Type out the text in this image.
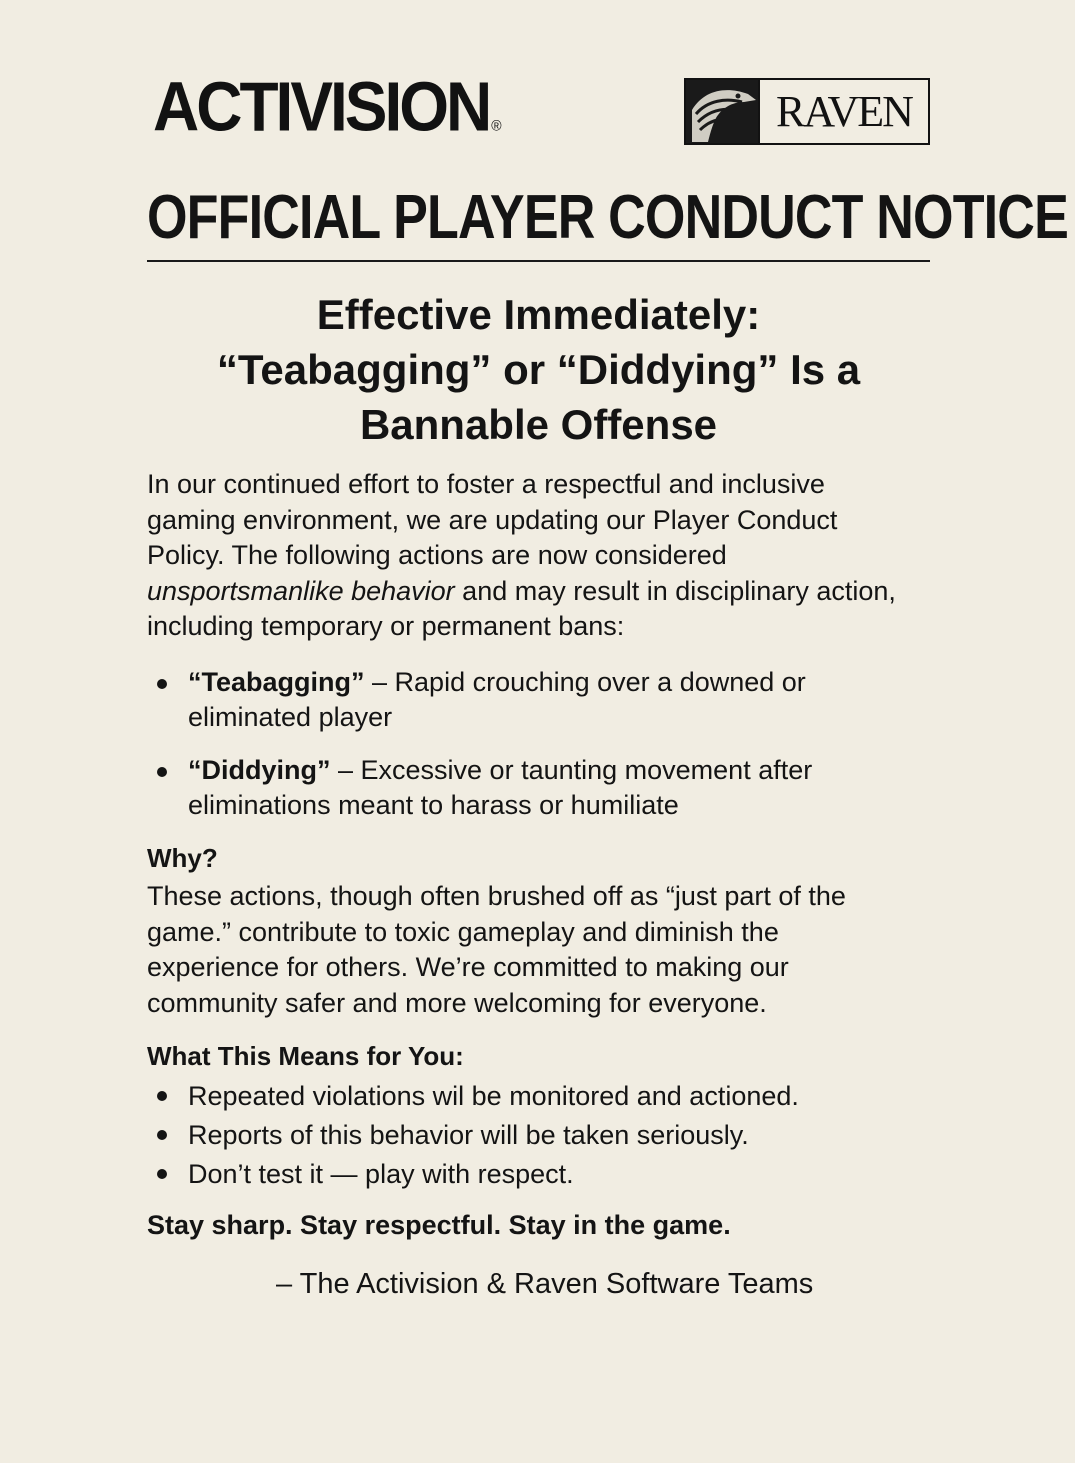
ACTIVISION ®	RAVEN
OFFICIAL PLAYER CONDUCT NOTICE
Effective Immediately:
“Teabagging” or “Diddying” Is a
Bannable Offense
In our continued effort to foster a respectful and inclusive gaming environment, we are updating our Player Conduct Policy. The following actions are now considered unsportsmanlike behavior and may result in disciplinary action, including temporary or permanent bans:
“Teabagging” – Rapid crouching over a downed or eliminated player
“Diddying” – Excessive or taunting movement after eliminations meant to harass or humiliate
Why?
These actions, though often brushed off as “just part of the game.” contribute to toxic gameplay and diminish the experience for others. We’re committed to making our community safer and more welcoming for everyone.
What This Means for You:
Repeated violations wil be monitored and actioned.
Reports of this behavior will be taken seriously.
Don’t test it — play with respect.
Stay sharp. Stay respectful. Stay in the game.
– The Activision & Raven Software Teams
